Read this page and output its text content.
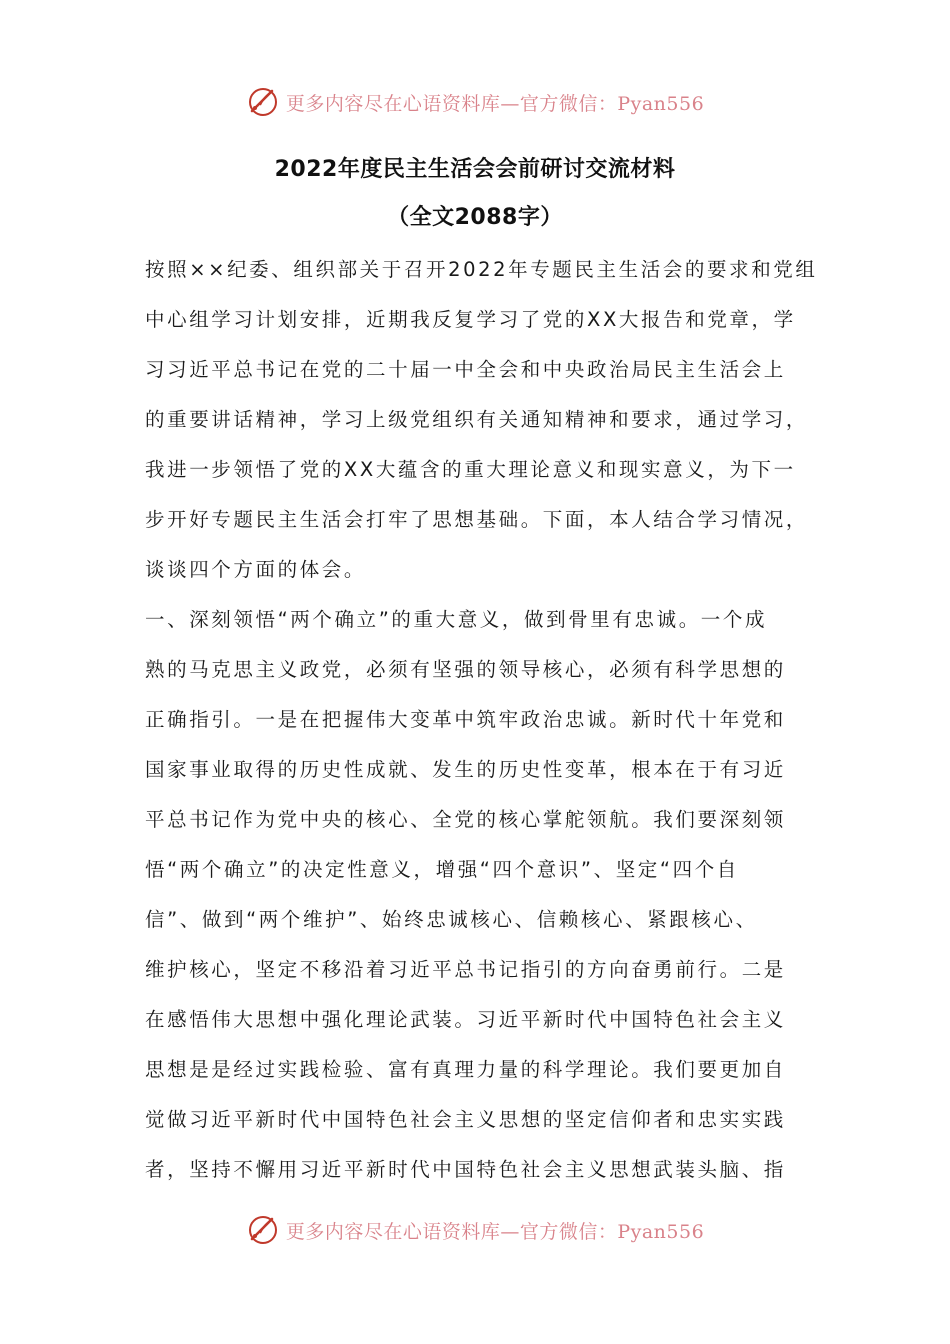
更多内容尽在心语资料库—官方微信：Pyan556
2022年度民主生活会会前研讨交流材料
（全文2088字）
按照××纪委、组织部关于召开2022年专题民主生活会的要求和党组
中心组学习计划安排，近期我反复学习了党的XX大报告和党章，学
习习近平总书记在党的二十届一中全会和中央政治局民主生活会上
的重要讲话精神，学习上级党组织有关通知精神和要求，通过学习，
我进一步领悟了党的XX大蕴含的重大理论意义和现实意义，为下一
步开好专题民主生活会打牢了思想基础。下面，本人结合学习情况，
谈谈四个方面的体会。
一、深刻领悟“两个确立”的重大意义，做到骨里有忠诚。一个成
熟的马克思主义政党，必须有坚强的领导核心，必须有科学思想的
正确指引。一是在把握伟大变革中筑牢政治忠诚。新时代十年党和
国家事业取得的历史性成就、发生的历史性变革，根本在于有习近
平总书记作为党中央的核心、全党的核心掌舵领航。我们要深刻领
悟“两个确立”的决定性意义，增强“四个意识”、坚定“四个自
信”、做到“两个维护”、始终忠诚核心、信赖核心、紧跟核心、
维护核心，坚定不移沿着习近平总书记指引的方向奋勇前行。二是
在感悟伟大思想中强化理论武装。习近平新时代中国特色社会主义
思想是是经过实践检验、富有真理力量的科学理论。我们要更加自
觉做习近平新时代中国特色社会主义思想的坚定信仰者和忠实实践
者，坚持不懈用习近平新时代中国特色社会主义思想武装头脑、指
更多内容尽在心语资料库—官方微信：Pyan556
